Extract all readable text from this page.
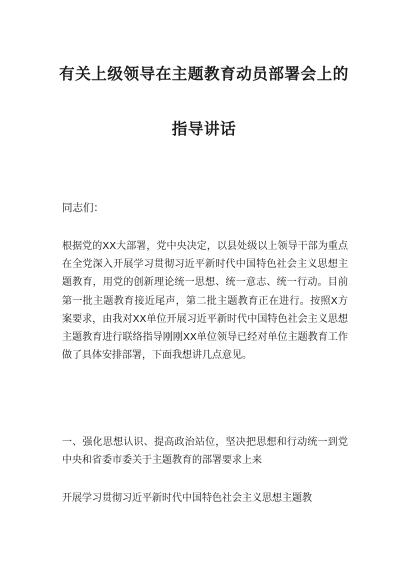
有关上级领导在主题教育动员部署会上的
指导讲话
同志们：

根据党的XX大部署，党中央决定，以县处级以上领导干部为重点在全党深入开展学习贯彻习近平新时代中国特色社会主义思想主题教育，用党的创新理论统一思想、统一意志、统一行动。目前第一批主题教育接近尾声，第二批主题教育正在进行。按照X方案要求，由我对XX单位开展习近平新时代中国特色社会主义思想主题教育进行联络指导刚刚XX单位领导已经对单位主题教育工作做了具体安排部署，下面我想讲几点意见。

一、强化思想认识、提高政治站位，坚决把思想和行动统一到党中央和省委市委关于主题教育的部署要求上来

开展学习贯彻习近平新时代中国特色社会主义思想主题教
